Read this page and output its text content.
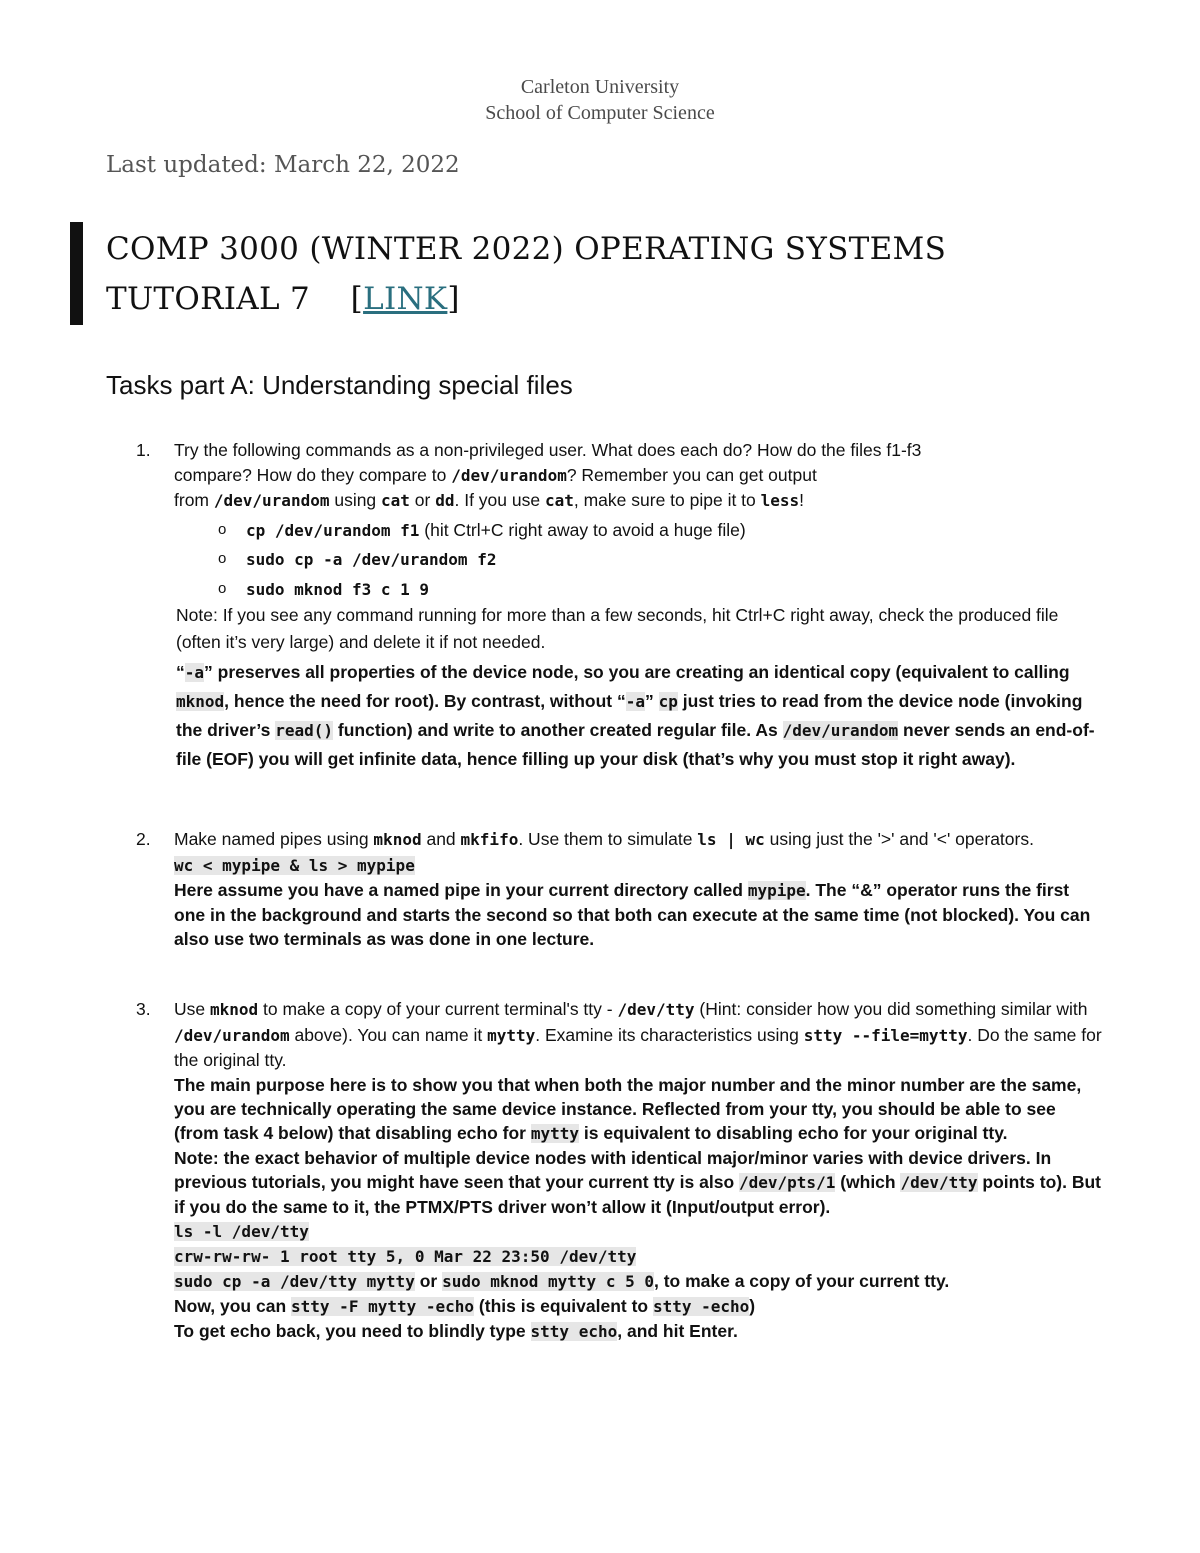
Carleton University
School of Computer Science
Last updated: March 22, 2022
COMP 3000 (WINTER 2022) OPERATING SYSTEMS
TUTORIAL 7 [LINK]
Tasks part A: Understanding special files
1. Try the following commands as a non-privileged user. What does each do? How do the files f1-f3
compare? How do they compare to /dev/urandom? Remember you can get output
from /dev/urandom using cat or dd. If you use cat, make sure to pipe it to less!
o cp /dev/urandom f1 (hit Ctrl+C right away to avoid a huge file)
o sudo cp -a /dev/urandom f2
o sudo mknod f3 c 1 9
Note: If you see any command running for more than a few seconds, hit Ctrl+C right away, check the produced file (often it’s very large) and delete it if not needed.
“-a” preserves all properties of the device node, so you are creating an identical copy (equivalent to calling mknod, hence the need for root). By contrast, without “-a” cp just tries to read from the device node (invoking the driver’s read() function) and write to another created regular file. As /dev/urandom never sends an end-of-file (EOF) you will get infinite data, hence filling up your disk (that’s why you must stop it right away).
2. Make named pipes using mknod and mkfifo. Use them to simulate ls | wc using just the '>' and '<' operators.
wc < mypipe & ls > mypipe
Here assume you have a named pipe in your current directory called mypipe. The “&” operator runs the first one in the background and starts the second so that both can execute at the same time (not blocked). You can also use two terminals as was done in one lecture.
3. Use mknod to make a copy of your current terminal's tty - /dev/tty (Hint: consider how you did something similar with /dev/urandom above). You can name it mytty. Examine its characteristics using stty --file=mytty. Do the same for the original tty.
The main purpose here is to show you that when both the major number and the minor number are the same, you are technically operating the same device instance. Reflected from your tty, you should be able to see (from task 4 below) that disabling echo for mytty is equivalent to disabling echo for your original tty.
Note: the exact behavior of multiple device nodes with identical major/minor varies with device drivers. In previous tutorials, you might have seen that your current tty is also /dev/pts/1 (which /dev/tty points to). But if you do the same to it, the PTMX/PTS driver won’t allow it (Input/output error).
ls -l /dev/tty
crw-rw-rw- 1 root tty 5, 0 Mar 22 23:50 /dev/tty
sudo cp -a /dev/tty mytty or sudo mknod mytty c 5 0, to make a copy of your current tty.
Now, you can stty -F mytty -echo (this is equivalent to stty -echo)
To get echo back, you need to blindly type stty echo, and hit Enter.
